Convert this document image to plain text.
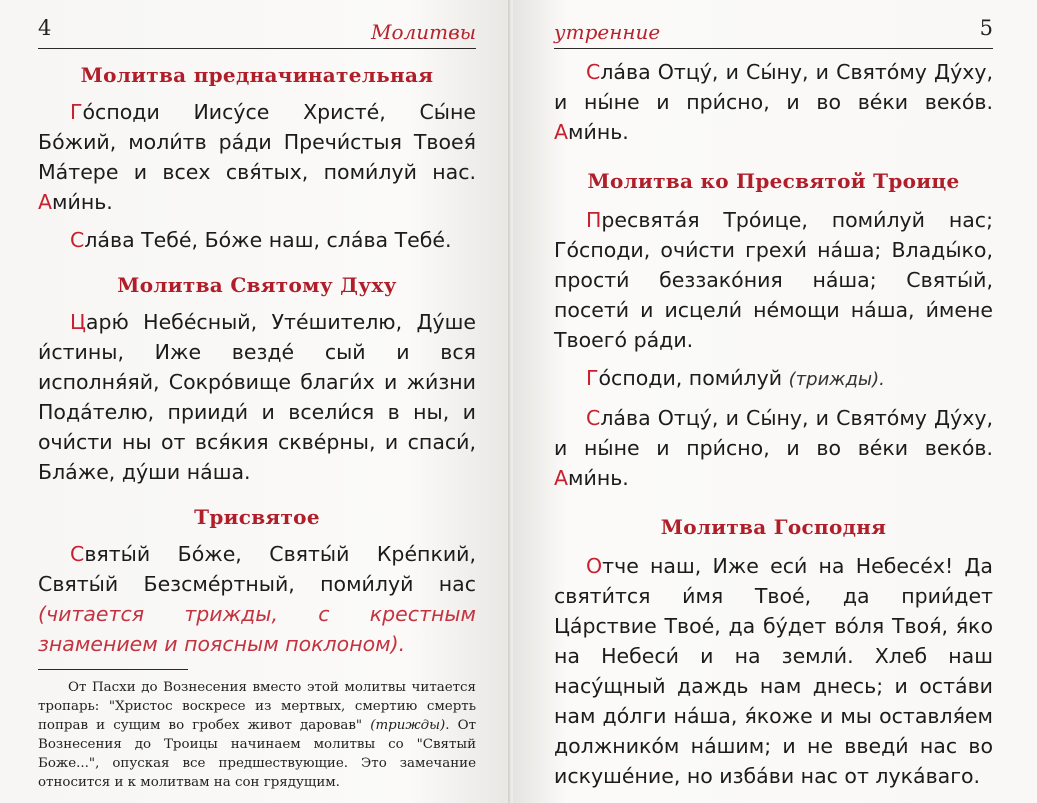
4	Молитвы
Молитва предначинательная

Го́споди Иису́се Христе́, Сы́не Бо́жий, моли́тв ра́ди Пречи́стыя Твоея́ Ма́тере и всех свя́тых, поми́луй нас. Ами́нь.

Сла́ва Тебе́, Бо́же наш, сла́ва Тебе́.

Молитва Святому Духу

Царю́ Небе́сный, Уте́шителю, Ду́ше и́стины, Иже везде́ сый и вся исполня́яй, Сокро́вище благи́х и жи́зни Пода́телю, прииди́ и всели́ся в ны, и очи́сти ны от вся́кия скве́рны, и спаси́, Бла́же, ду́ши на́ша.

Трисвятое

Святы́й Бо́же, Святы́й Кре́пкий, Святы́й Безсме́ртный, поми́луй нас (читается трижды, с крестным знамением и поясным поклоном).

От Пасхи до Вознесения вместо этой молитвы читается тропарь: "Христос воскресе из мертвых, смертию смерть поправ и сущим во гробех живот даровав" (трижды). От Вознесения до Троицы начинаем молитвы со "Святый Боже...", опуская все предшествующие. Это замечание относится и к молитвам на сон грядущим.

утренние	5

Сла́ва Отцу́, и Сы́ну, и Свято́му Ду́ху, и ны́не и при́сно, и во ве́ки веко́в. Ами́нь.

Молитва ко Пресвятой Троице

Пресвята́я Тро́ице, поми́луй нас; Го́споди, очи́сти грехи́ на́ша; Влады́ко, прости́ беззако́ния на́ша; Святы́й, посети́ и исцели́ не́мощи на́ша, и́мене Твоего́ ра́ди.

Го́споди, поми́луй (трижды).

Сла́ва Отцу́, и Сы́ну, и Свято́му Ду́ху, и ны́не и при́сно, и во ве́ки веко́в. Ами́нь.

Молитва Господня

Отче наш, Иже еси́ на Небесе́х! Да святи́тся и́мя Твое́, да прии́дет Ца́рствие Твое́, да бу́дет во́ля Твоя́, я́ко на Небеси́ и на земли́. Хлеб наш насу́щный даждь нам днесь; и оста́ви нам до́лги на́ша, я́коже и мы оставля́ем должнико́м на́шим; и не введи́ нас во искуше́ние, но изба́ви нас от лука́ваго.
